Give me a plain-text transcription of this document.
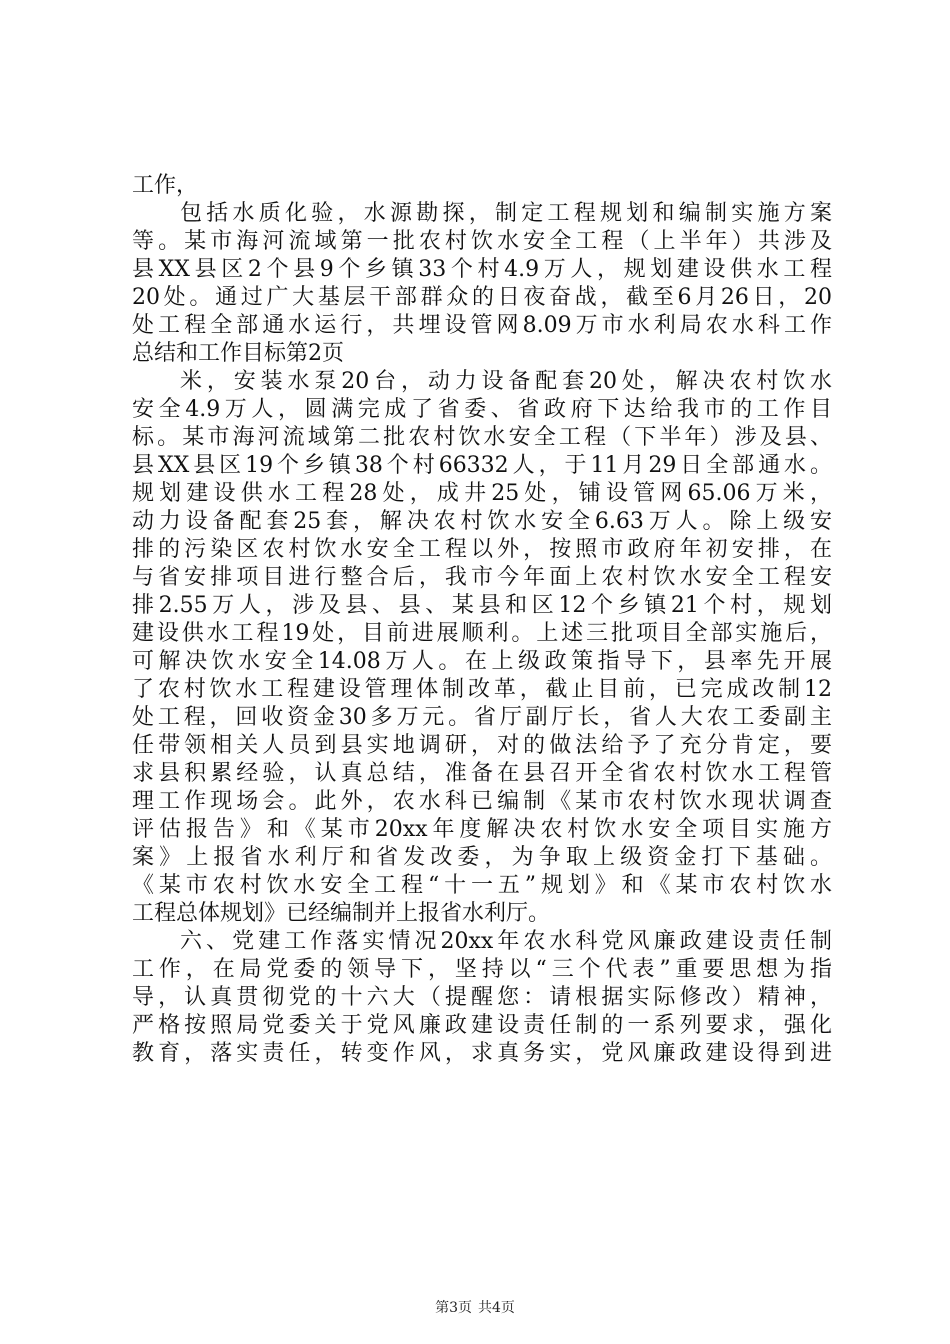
工作，
包括水质化验，水源勘探，制定工程规划和编制实施方案
等。某市海河流域第一批农村饮水安全工程（上半年）共涉及
县XX县区2个县9个乡镇33个村4.9万人，规划建设供水工程
20处。通过广大基层干部群众的日夜奋战，截至6月26日，20
处工程全部通水运行，共埋设管网8.09万市水利局农水科工作
总结和工作目标第2页
米，安装水泵20台，动力设备配套20处，解决农村饮水
安全4.9万人，圆满完成了省委、省政府下达给我市的工作目
标。某市海河流域第二批农村饮水安全工程（下半年）涉及县、
县XX县区19个乡镇38个村66332人，于11月29日全部通水。
规划建设供水工程28处，成井25处，铺设管网65.06万米，
动力设备配套25套，解决农村饮水安全6.63万人。除上级安
排的污染区农村饮水安全工程以外，按照市政府年初安排，在
与省安排项目进行整合后，我市今年面上农村饮水安全工程安
排2.55万人，涉及县、县、某县和区12个乡镇21个村，规划
建设供水工程19处，目前进展顺利。上述三批项目全部实施后，
可解决饮水安全14.08万人。在上级政策指导下，县率先开展
了农村饮水工程建设管理体制改革，截止目前，已完成改制12
处工程，回收资金30多万元。省厅副厅长，省人大农工委副主
任带领相关人员到县实地调研，对的做法给予了充分肯定，要
求县积累经验，认真总结，准备在县召开全省农村饮水工程管
理工作现场会。此外，农水科已编制《某市农村饮水现状调查
评估报告》和《某市20xx年度解决农村饮水安全项目实施方
案》上报省水利厅和省发改委，为争取上级资金打下基础。
《某市农村饮水安全工程“十一五”规划》和《某市农村饮水
工程总体规划》已经编制并上报省水利厅。
六、党建工作落实情况20xx年农水科党风廉政建设责任制
工作，在局党委的领导下，坚持以“三个代表”重要思想为指
导，认真贯彻党的十六大（提醒您：请根据实际修改）精神，
严格按照局党委关于党风廉政建设责任制的一系列要求，强化
教育，落实责任，转变作风，求真务实，党风廉政建设得到进
第3页 共4页
